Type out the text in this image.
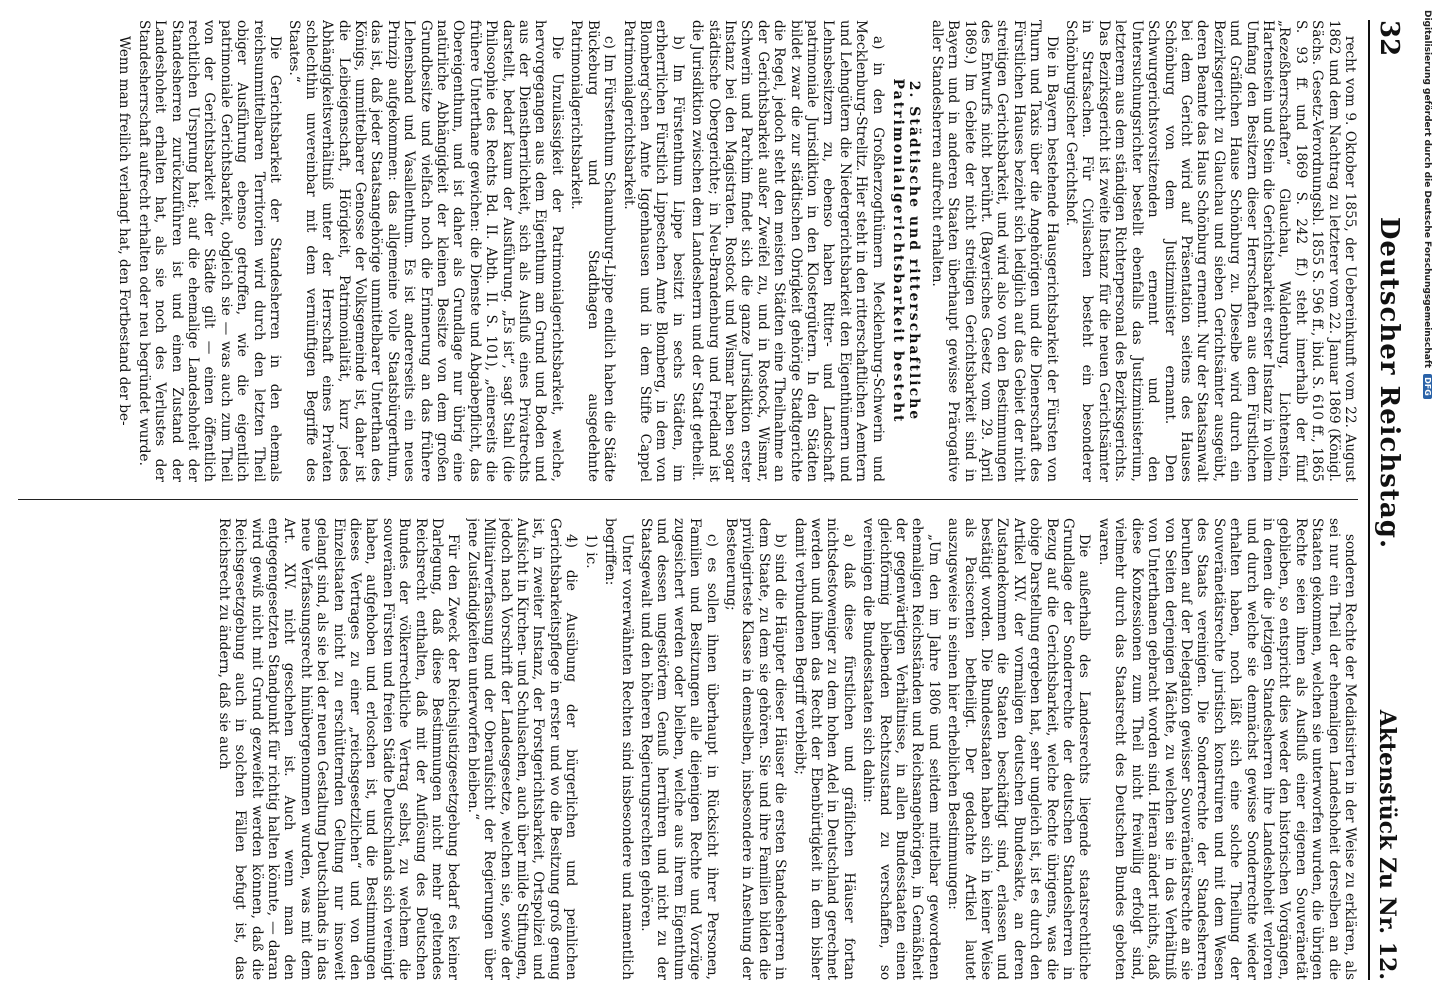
32
Deutscher Reichstag.
Aktenstück Zu Nr. 12.

recht vom 9. Oktober 1855, der Uebereinkunft vom 22. August 1862 und dem Nachtrag zu letzterer vom 22. Januar 1869 (Königl. Sächs. Gesetz-Verordnungsbl. 1855 S. 596 ff., ibid. S. 610 ff., 1865 S. 93 ff. und 1869 S. 242 ff.) steht innerhalb der fünf „Rezeßherrschaften“ Glauchau, Waldenburg, Lichtenstein, Hartenstein und Stein die Gerichtsbarkeit erster Instanz in vollem Umfang den Besitzern dieser Herrschaften aus dem Fürstlichen und Gräflichen Hause Schönburg zu. Dieselbe wird durch ein Bezirksgericht zu Glauchau und sieben Gerichtsämter ausgeübt, deren Beamte das Haus Schönburg ernennt. Nur der Staatsanwalt bei dem Gericht wird auf Präsentation seitens des Hauses Schönburg von dem Justizminister ernannt. Den Schwurgerichtsvorsitzenden ernennt und den Untersuchungsrichter bestellt ebenfalls das Justizministerium, letzterem aus dem ständigen Richterpersonal des Bezirksgerichts. Das Bezirksgericht ist zweite Instanz für die neuen Gerichtsämter in Strafsachen. Für Civilsachen besteht ein besonderer Schönburgischer Gerichtshof.

Die in Bayern bestehende Hausgerichtsbarkeit der Fürsten von Thurn und Taxis über die Angehörigen und die Dienerschaft des Fürstlichen Hauses bezieht sich lediglich auf das Gebiet der nicht streitigen Gerichtsbarkeit, und wird also von den Bestimmungen des Entwurfs nicht berührt. (Bayerisches Gesetz vom 29. April 1869.) Im Gebiete der nicht streitigen Gerichtsbarkeit sind in Bayern und in anderen Staaten überhaupt gewisse Prärogative aller Standesherren aufrecht erhalten.

2. Städtische und ritterschaftliche Patrimonialgerichtsbarkeit besteht

a) in den Großherzogthümern Mecklenburg-Schwerin und Mecklenburg-Strelitz. Hier steht in den ritterschaftlichen Aemtern und Lehngütern die Niedergerichtsbarkeit den Eigenthümern und Lehnsbesitzern zu, ebenso haben Ritter- und Landschaft patrimoniale Jurisdiktion in den Klostergütern. In den Städten bildet zwar die zur städtischen Obrigkeit gehörige Stadtgerichte die Regel, jedoch steht den meisten Städten eine Theilnahme an der Gerichtsbarkeit außer Zweifel zu, und in Rostock, Wismar, Schwerin und Parchim findet sich die ganze Jurisdiktion erster Instanz bei den Magistraten. Rostock und Wismar haben sogar städtische Obergerichte; in Neu-Brandenburg und Friedland ist die Jurisdiktion zwischen dem Landesherrn und der Stadt getheilt.

b) Im Fürstenthum Lippe besitzt in sechs Städten, im erbherrlichen Fürstlich Lippeschen Amte Blomberg, in dem von Blomberg'schen Amte Iggenhausen und in dem Stifte Cappel Patrimonialgerichtsbarkeit.

c) Im Fürstenthum Schaumburg-Lippe endlich haben die Städte Bückeburg und Stadthagen ausgedehnte Patrimonialgerichtsbarkeit.

Die Unzulässigkeit der Patrimonialgerichtsbarkeit, welche, hervorgegangen aus dem Eigenthum am Grund und Boden und aus der Dienstherrlichkeit, sich als Ausfluß eines Privatrechts darstellt, bedarf kaum der Ausführung. „Es ist“, sagt Stahl (die Philosophie des Rechts Bd. II. Abth. II. S. 101), „einerseits die frühere Unterthane gewichen: die Dienste und Abgabepflicht, das Obereigenthum, und ist daher als Grundlage nur übrig eine natürliche Abhängigkeit der kleinen Besitze von dem großen Grundbesitze und vielfach noch die Erinnerung an das frühere Lehensband und Vasallenthum. Es ist andererseits ein neues Prinzip aufgekommen: das allgemeine volle Staatsbürgerthum, das ist, daß jeder Staatsangehörige unmittelbarer Unterthan des Königs, unmittelbarer Genosse der Volksgemeinde ist, daher ist die Leibeigenschaft, Hörigkeit, Patrimonialität, kurz jedes Abhängigkeitsverhältniß unter der Herrschaft eines Privaten schlechthin unvereinbar mit dem vernünftigen Begriffe des Staates.“

Die Gerichtsbarkeit der Standesherren in den ehemals reichsunmittelbaren Territorien wird durch den letzten Theil obiger Ausführung ebenso getroffen, wie die eigentlich patrimoniale Gerichtsbarkeit, obgleich sie — was auch zum Theil von der Gerichtsbarkeit der Städte gilt — einen öffentlich rechtlichen Ursprung hat; auf die ehemalige Landeshoheit der Standesherren zurückzuführen ist und einen Zustand der Landeshoheit erhalten hat, als sie noch des Verlustes der Standesherrschaft aufrecht erhalten oder neu begründet wurde.

Wenn man freilich verlangt hat, den Fortbestand der be-

sonderen Rechte der Mediatisirten in der Weise zu erklären, als sei nur ein Theil der ehemaligen Landeshoheit derselben an die Staaten gekommen, welchen sie unterworfen wurden, die übrigen Rechte seien ihnen als Ausfluß einer eigenen Souveränetät geblieben, so entspricht dies weder den historischen Vorgängen, in denen die jetzigen Standesherren ihre Landeshoheit verloren und durch welche sie demnächst gewisse Sonderrechte wieder erhalten haben, noch läßt sich eine solche Theilung der Souveränetätsrechte juristisch konstruiren und mit dem Wesen des Staats vereinigen. Die Sonderrechte der Standesherren beruhen auf der Delegation gewisser Souveränetätsrechte an sie von Seiten derjenigen Mächte, zu welchen sie in das Verhältniß von Unterthanen gebracht worden sind. Hieran ändert nichts, daß diese Konzessionen zum Theil nicht freiwillig erfolgt sind, vielmehr durch das Staatsrecht des Deutschen Bundes geboten waren.

Die außerhalb des Landesrechts liegende staatsrechtliche Grundlage der Sonderrechte der deutschen Standesherren in Bezug auf die Gerichtsbarkeit, welche Rechte übrigens, was die obige Darstellung ergeben hat, sehr ungleich ist, ist es durch den Artikel XIV. der vormaligen deutschen Bundesakte, an deren Zustandekommen die Staaten beschäftigt sind, erlassen und bestätigt worden. Die Bundesstaaten haben sich in keiner Weise als Paciscenten betheiligt. Der gedachte Artikel lautet auszugsweise in seinen hier erheblichen Bestimmungen:

„Um den im Jahre 1806 und seitdem mittelbar gewordenen ehemaligen Reichsständen und Reichsangehörigen, in Gemäßheit der gegenwärtigen Verhältnisse, in allen Bundesstaaten einen gleichförmig bleibenden Rechtszustand zu verschaffen, so vereinigen die Bundesstaaten sich dahin:

a) daß diese fürstlichen und gräflichen Häuser fortan nichtsdestoweniger zu dem hohen Adel in Deutschland gerechnet werden und ihnen das Recht der Ebenbürtigkeit in dem bisher damit verbundenen Begriff verbleibt;

b) sind die Häupter dieser Häuser die ersten Standesherren in dem Staate, zu dem sie gehören. Sie und ihre Familien bilden die privilegirteste Klasse in demselben, insbesondere in Ansehung der Besteuerung;

c) es sollen ihnen überhaupt in Rücksicht ihrer Personen, Familien und Besitzungen alle diejenigen Rechte und Vorzüge zugesichert werden oder bleiben, welche aus ihrem Eigenthum und dessen ungestörtem Genuß herrühren und nicht zu der Staatsgewalt und den höheren Regierungsrechten gehören.

Unter vorerwähnten Rechten sind insbesondere und namentlich begriffen:

1) ic.

4) die Ausübung der bürgerlichen und peinlichen Gerichtsbarkeitspflege in erster und wo die Besitzung groß genug ist, in zweiter Instanz, der Forstgerichtsbarkeit, Ortspolizei und Aufsicht in Kirchen- und Schulsachen, auch über milde Stiftungen, jedoch nach Vorschrift der Landesgesetze, welchen sie, sowie der Militairverfassung und der Oberaufsicht der Regierungen über jene Zuständigkeiten unterworfen bleiben.“

Für den Zweck der Reichsjustizgesetzgebung bedarf es keiner Darlegung, daß diese Bestimmungen nicht mehr geltendes Reichsrecht enthalten, daß mit der Auflösung des Deutschen Bundes der völkerrechtliche Vertrag selbst, zu welchem die souveränen Fürsten und freien Städte Deutschlands sich vereinigt haben, aufgehoben und erloschen ist, und die Bestimmungen dieses Vertrages zu einer „reichsgesetzlichen“ und von den Einzelstaaten nicht zu erschütternden Geltung nur insoweit gelangt sind, als sie bei der neuen Gestaltung Deutschlands in das neue Verfassungsrecht hinübergenommen wurden, was mit dem Art. XIV. nicht geschehen ist. Auch wenn man den entgegengesetzten Standpunkt für richtig halten könnte, — daran wird gewiß nicht mit Grund gezweifelt werden können, daß die Reichsgesetzgebung auch in solchen Fällen befugt ist, das Reichsrecht zu ändern, daß sie auch

Digitalisierung gefördert durch die Deutsche ForschungsgemeinschaftDFG
